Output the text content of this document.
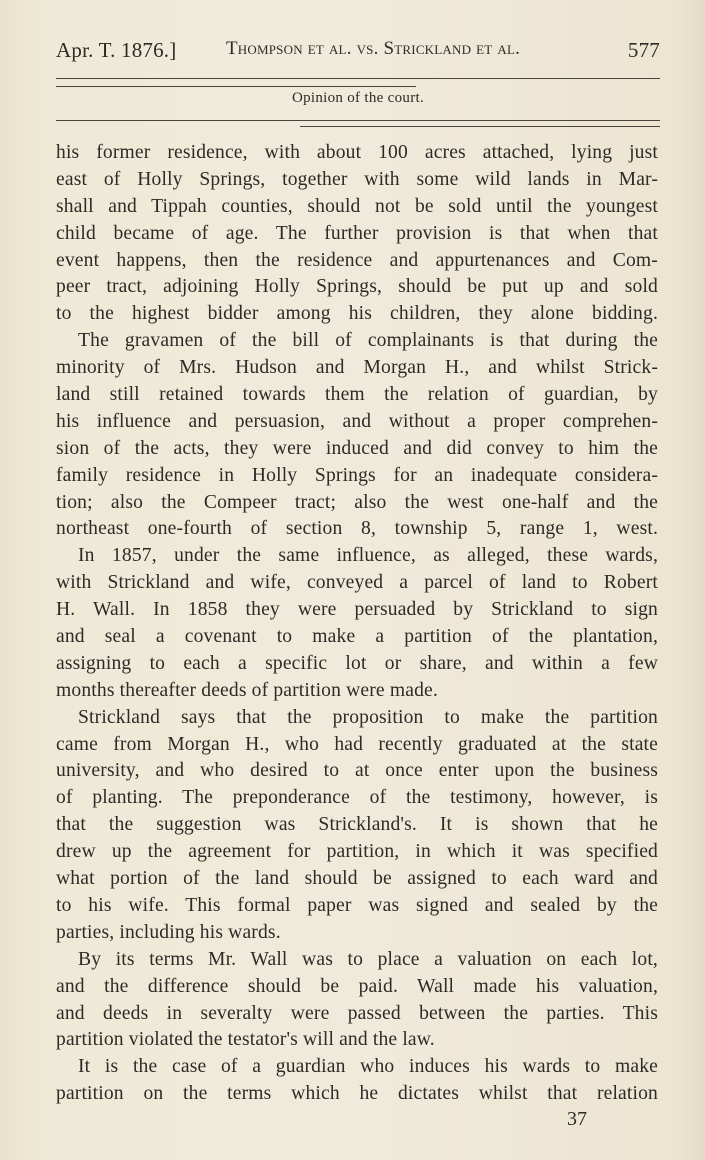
Apr. T. 1876.]	Thompson et al. vs. Strickland et al.	577
Opinion of the court.
his former residence, with about 100 acres attached, lying just
east of Holly Springs, together with some wild lands in Mar-
shall and Tippah counties, should not be sold until the youngest
child became of age. The further provision is that when that
event happens, then the residence and appurtenances and Com-
peer tract, adjoining Holly Springs, should be put up and sold
to the highest bidder among his children, they alone bidding.
The gravamen of the bill of complainants is that during the
minority of Mrs. Hudson and Morgan H., and whilst Strick-
land still retained towards them the relation of guardian, by
his influence and persuasion, and without a proper comprehen-
sion of the acts, they were induced and did convey to him the
family residence in Holly Springs for an inadequate considera-
tion; also the Compeer tract; also the west one-half and the
northeast one-fourth of section 8, township 5, range 1, west.
In 1857, under the same influence, as alleged, these wards,
with Strickland and wife, conveyed a parcel of land to Robert
H. Wall. In 1858 they were persuaded by Strickland to sign
and seal a covenant to make a partition of the plantation,
assigning to each a specific lot or share, and within a few
months thereafter deeds of partition were made.
Strickland says that the proposition to make the partition
came from Morgan H., who had recently graduated at the state
university, and who desired to at once enter upon the business
of planting. The preponderance of the testimony, however, is
that the suggestion was Strickland's. It is shown that he
drew up the agreement for partition, in which it was specified
what portion of the land should be assigned to each ward and
to his wife. This formal paper was signed and sealed by the
parties, including his wards.
By its terms Mr. Wall was to place a valuation on each lot,
and the difference should be paid. Wall made his valuation,
and deeds in severalty were passed between the parties. This
partition violated the testator's will and the law.
It is the case of a guardian who induces his wards to make
partition on the terms which he dictates whilst that relation
37
